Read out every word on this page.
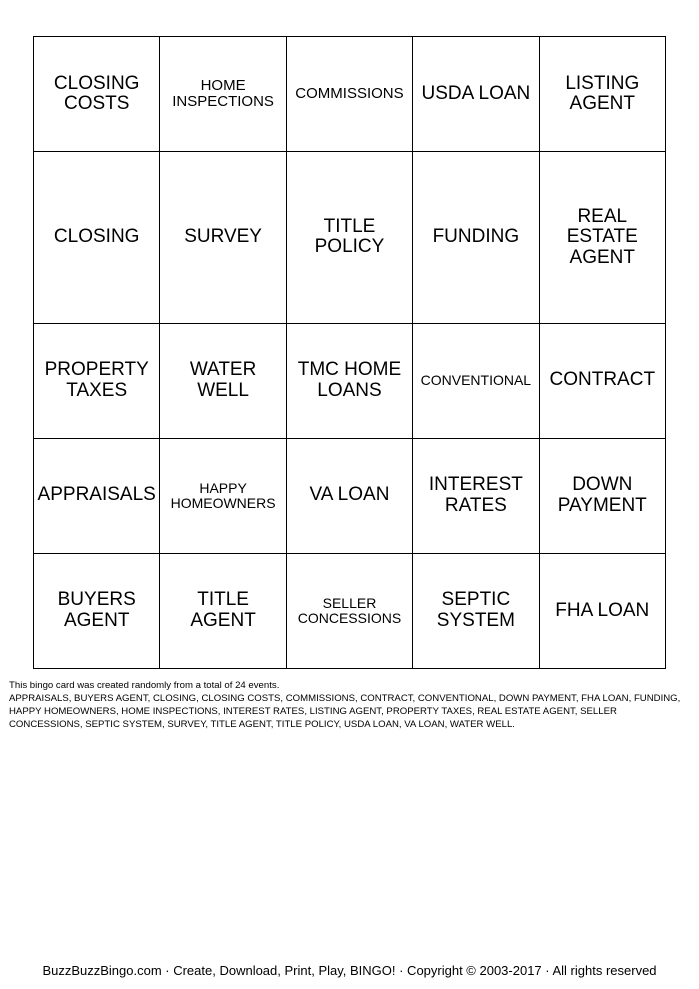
CLOSING COSTS	HOME INSPECTIONS	COMMISSIONS	USDA LOAN	LISTING AGENT
CLOSING	SURVEY	TITLE POLICY	FUNDING	REAL ESTATE AGENT
PROPERTY TAXES	WATER WELL	TMC HOME LOANS	CONVENTIONAL	CONTRACT
APPRAISALS	HAPPY HOMEOWNERS	VA LOAN	INTEREST RATES	DOWN PAYMENT
BUYERS AGENT	TITLE AGENT	SELLER CONCESSIONS	SEPTIC SYSTEM	FHA LOAN

This bingo card was created randomly from a total of 24 events.

APPRAISALS, BUYERS AGENT, CLOSING, CLOSING COSTS, COMMISSIONS, CONTRACT, CONVENTIONAL, DOWN PAYMENT, FHA LOAN, FUNDING, HAPPY HOMEOWNERS, HOME INSPECTIONS, INTEREST RATES, LISTING AGENT, PROPERTY TAXES, REAL ESTATE AGENT, SELLER CONCESSIONS, SEPTIC SYSTEM, SURVEY, TITLE AGENT, TITLE POLICY, USDA LOAN, VA LOAN, WATER WELL.

BuzzBuzzBingo.com · Create, Download, Print, Play, BINGO! · Copyright © 2003-2017 · All rights reserved
